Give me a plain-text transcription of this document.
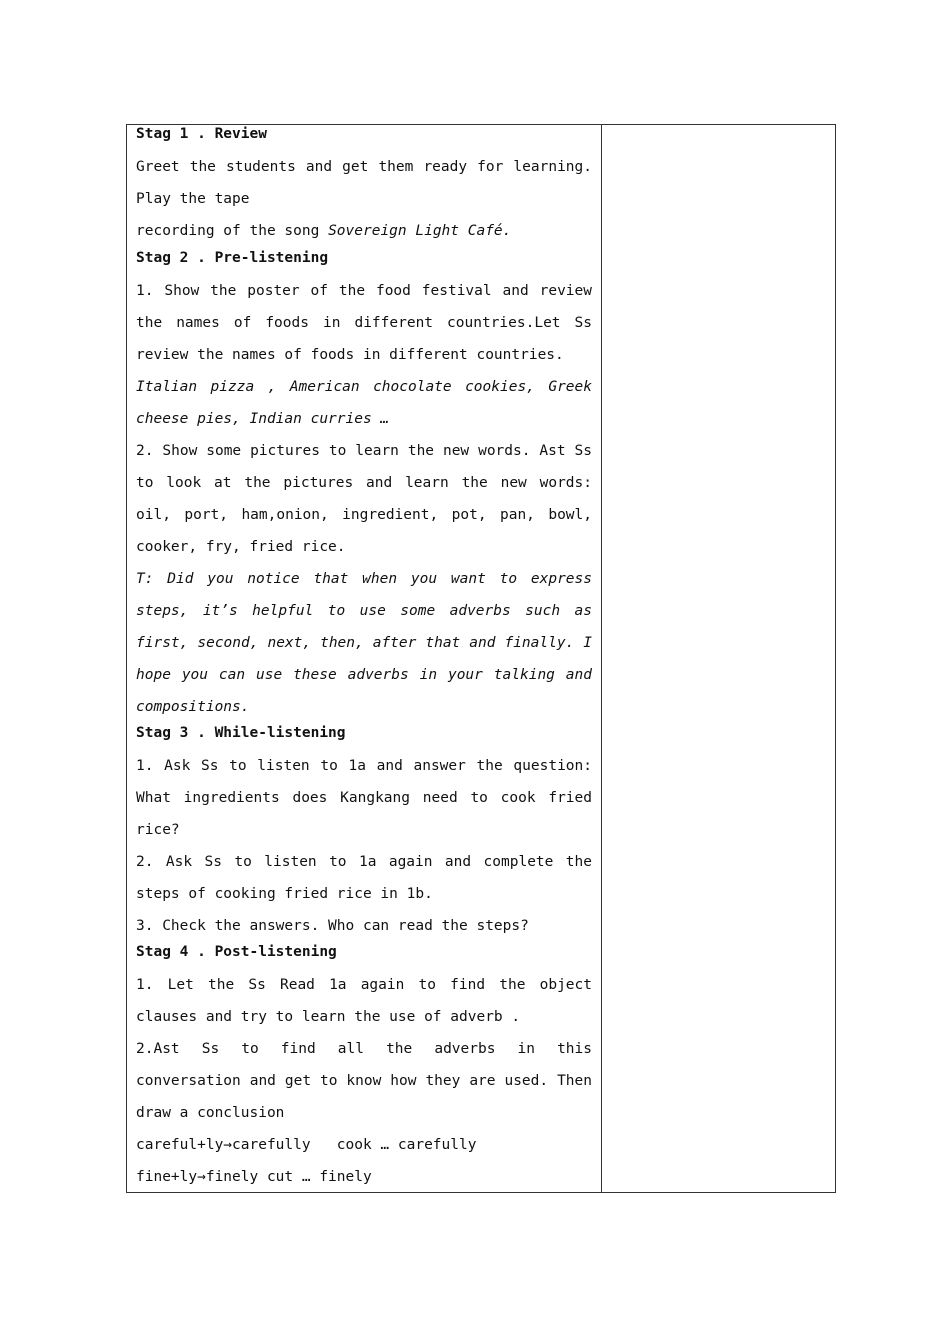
Stag 1 . Review
Greet the students and get them ready for learning. Play the tape
recording of the song Sovereign Light Café.
Stag 2 . Pre-listening
1. Show the poster of the food festival and review the names of foods in different countries.Let Ss review the names of foods in different countries.
Italian pizza , American chocolate cookies, Greek cheese pies, Indian curries …
2. Show some pictures to learn the new words. Ast Ss to look at the pictures and learn the new words: oil, port, ham,onion, ingredient, pot, pan, bowl, cooker, fry, fried rice.
T: Did you notice that when you want to express steps, it’s helpful to use some adverbs such as first, second, next, then, after that and finally. I hope you can use these adverbs in your talking and compositions.
Stag 3 . While-listening
1. Ask Ss to listen to 1a and answer the question: What ingredients does Kangkang need to cook fried rice?
2. Ask Ss to listen to 1a again and complete the steps of cooking fried rice in 1b.
3. Check the answers. Who can read the steps?
Stag 4 . Post-listening
1. Let the Ss Read 1a again to find the object clauses and try to learn the use of adverb .
2.Ast Ss to find all the adverbs in this conversation and get to know how they are used. Then draw a conclusion
careful+ly→carefully   cook … carefully
fine+ly→finely cut … finely
